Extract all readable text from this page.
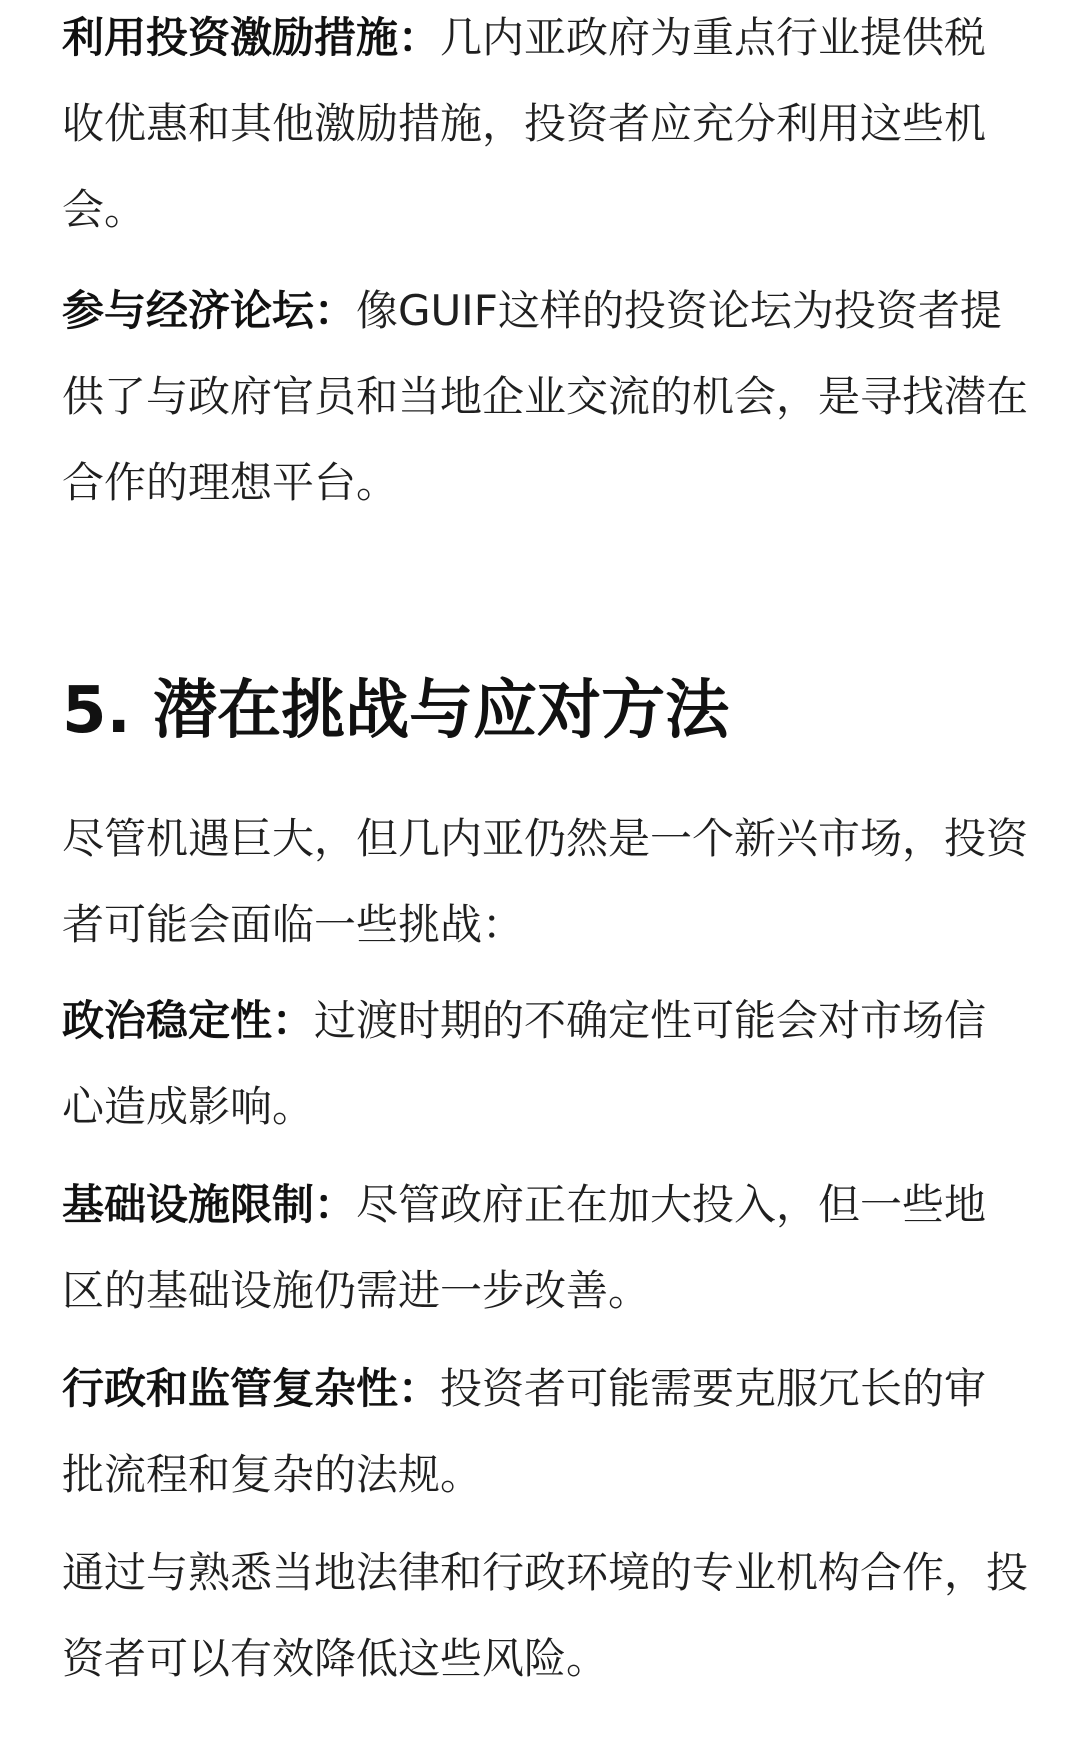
利用投资激励措施：几内亚政府为重点行业提供税收优惠和其他激励措施，投资者应充分利用这些机会。

参与经济论坛：像GUIF这样的投资论坛为投资者提供了与政府官员和当地企业交流的机会，是寻找潜在合作的理想平台。

5. 潜在挑战与应对方法

尽管机遇巨大，但几内亚仍然是一个新兴市场，投资者可能会面临一些挑战：

政治稳定性：过渡时期的不确定性可能会对市场信心造成影响。

基础设施限制：尽管政府正在加大投入，但一些地区的基础设施仍需进一步改善。

行政和监管复杂性：投资者可能需要克服冗长的审批流程和复杂的法规。

通过与熟悉当地法律和行政环境的专业机构合作，投资者可以有效降低这些风险。
